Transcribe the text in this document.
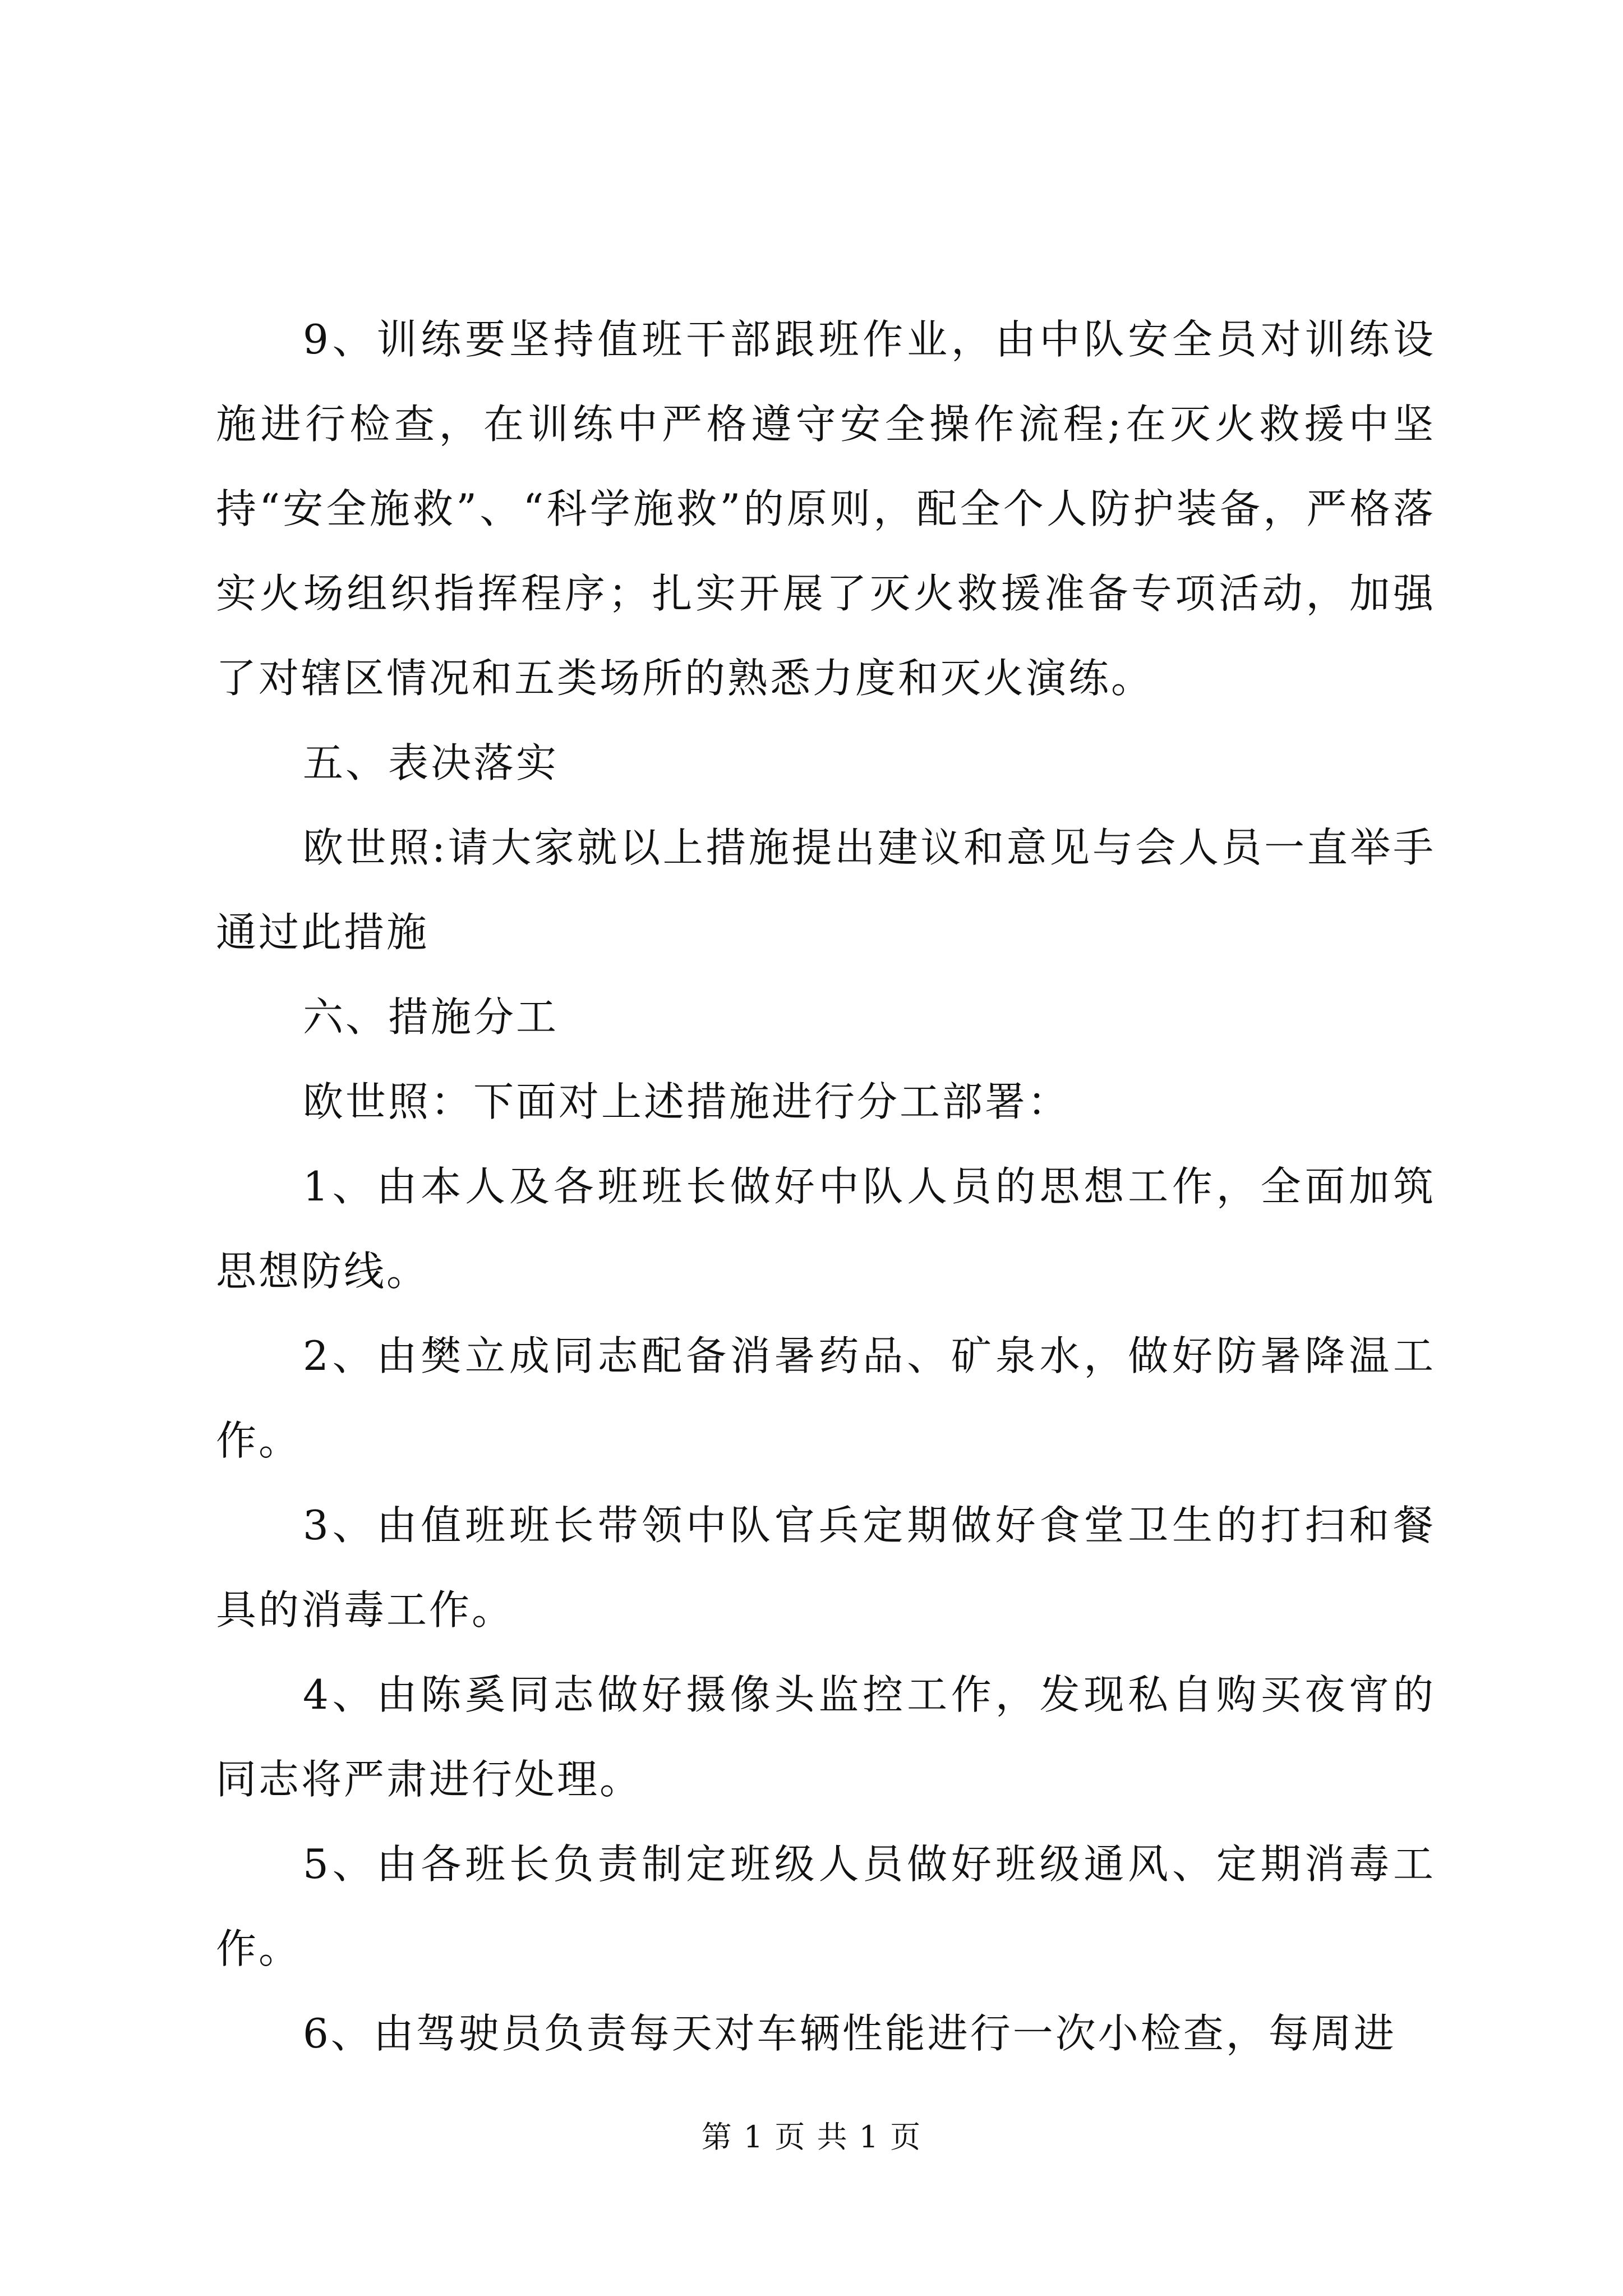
9、训练要坚持值班干部跟班作业，由中队安全员对训练设施进行检查，在训练中严格遵守安全操作流程;在灭火救援中坚持“安全施救”、“科学施救”的原则，配全个人防护装备，严格落实火场组织指挥程序；扎实开展了灭火救援准备专项活动，加强了对辖区情况和五类场所的熟悉力度和灭火演练。

五、表决落实

欧世照:请大家就以上措施提出建议和意见与会人员一直举手通过此措施

六、措施分工

欧世照：下面对上述措施进行分工部署：

1、由本人及各班班长做好中队人员的思想工作，全面加筑思想防线。

2、由樊立成同志配备消暑药品、矿泉水，做好防暑降温工作。

3、由值班班长带领中队官兵定期做好食堂卫生的打扫和餐具的消毒工作。

4、由陈奚同志做好摄像头监控工作，发现私自购买夜宵的同志将严肃进行处理。

5、由各班长负责制定班级人员做好班级通风、定期消毒工作。

6、由驾驶员负责每天对车辆性能进行一次小检查，每周进

第 1 页 共 1 页
